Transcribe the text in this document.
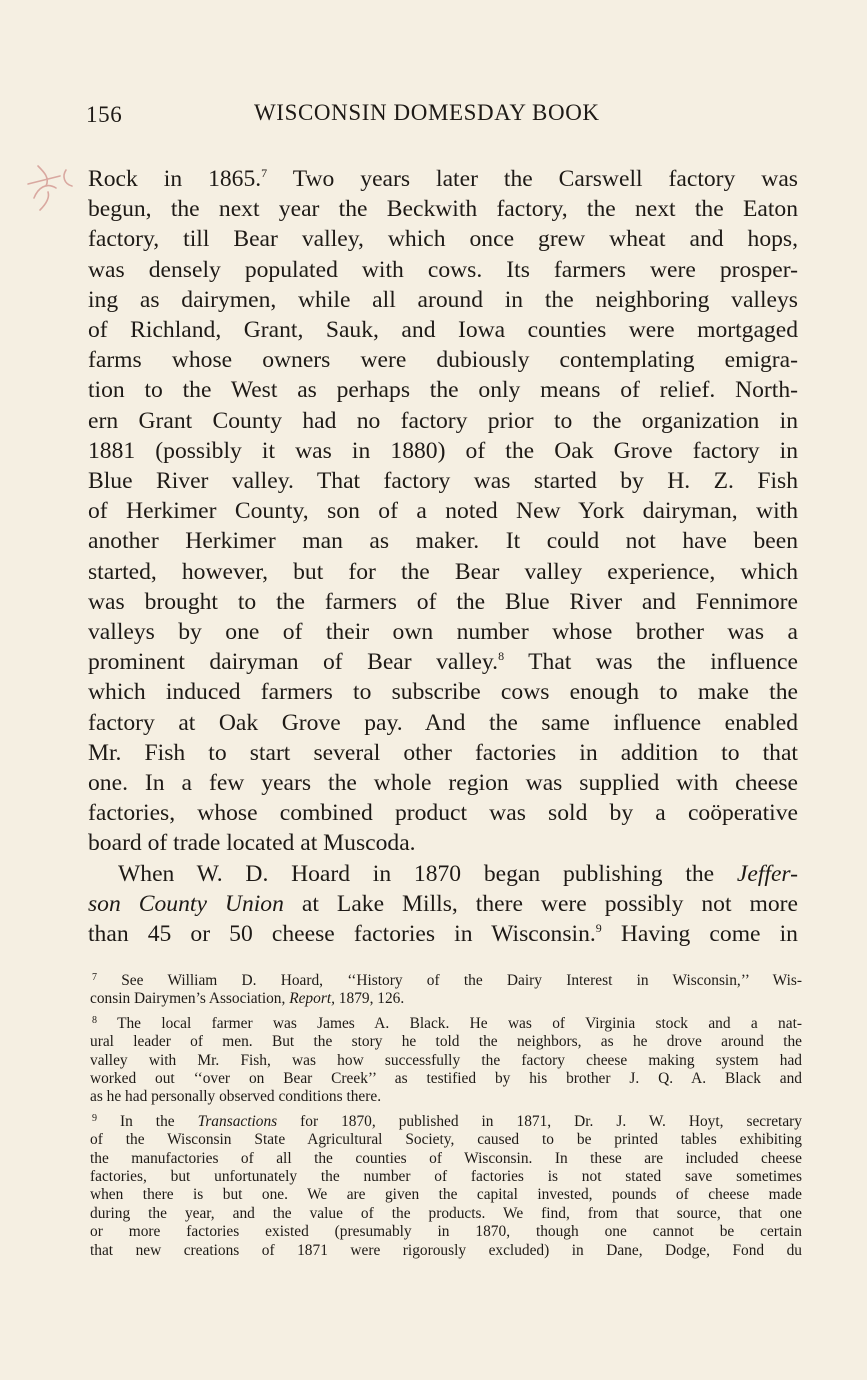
156	WISCONSIN DOMESDAY BOOK

Rock in 1865.$^7$ Two years later the Carswell factory was
begun, the next year the Beckwith factory, the next the Eaton
factory, till Bear valley, which once grew wheat and hops,
was densely populated with cows. Its farmers were prosper-
ing as dairymen, while all around in the neighboring valleys
of Richland, Grant, Sauk, and Iowa counties were mortgaged
farms whose owners were dubiously contemplating emigra-
tion to the West as perhaps the only means of relief. North-
ern Grant County had no factory prior to the organization in
1881 (possibly it was in 1880) of the Oak Grove factory in
Blue River valley. That factory was started by H. Z. Fish
of Herkimer County, son of a noted New York dairyman, with
another Herkimer man as maker. It could not have been
started, however, but for the Bear valley experience, which
was brought to the farmers of the Blue River and Fennimore
valleys by one of their own number whose brother was a
prominent dairyman of Bear valley.$^8$ That was the influence
which induced farmers to subscribe cows enough to make the
factory at Oak Grove pay. And the same influence enabled
Mr. Fish to start several other factories in addition to that
one. In a few years the whole region was supplied with cheese
factories, whose combined product was sold by a coöperative
board of trade located at Muscoda.

When W. D. Hoard in 1870 began publishing the Jeffer-
son County Union at Lake Mills, there were possibly not more
than 45 or 50 cheese factories in Wisconsin.$^9$ Having come in

$^7$ See William D. Hoard, ‘‘History of the Dairy Interest in Wisconsin,’’ Wis-
consin Dairymen’s Association, Report, 1879, 126.
$^8$ The local farmer was James A. Black. He was of Virginia stock and a nat-
ural leader of men. But the story he told the neighbors, as he drove around the
valley with Mr. Fish, was how successfully the factory cheese making system had
worked out ‘‘over on Bear Creek’’ as testified by his brother J. Q. A. Black and
as he had personally observed conditions there.
$^9$ In the Transactions for 1870, published in 1871, Dr. J. W. Hoyt, secretary
of the Wisconsin State Agricultural Society, caused to be printed tables exhibiting
the manufactories of all the counties of Wisconsin. In these are included cheese
factories, but unfortunately the number of factories is not stated save sometimes
when there is but one. We are given the capital invested, pounds of cheese made
during the year, and the value of the products. We find, from that source, that one
or more factories existed (presumably in 1870, though one cannot be certain
that new creations of 1871 were rigorously excluded) in Dane, Dodge, Fond du
